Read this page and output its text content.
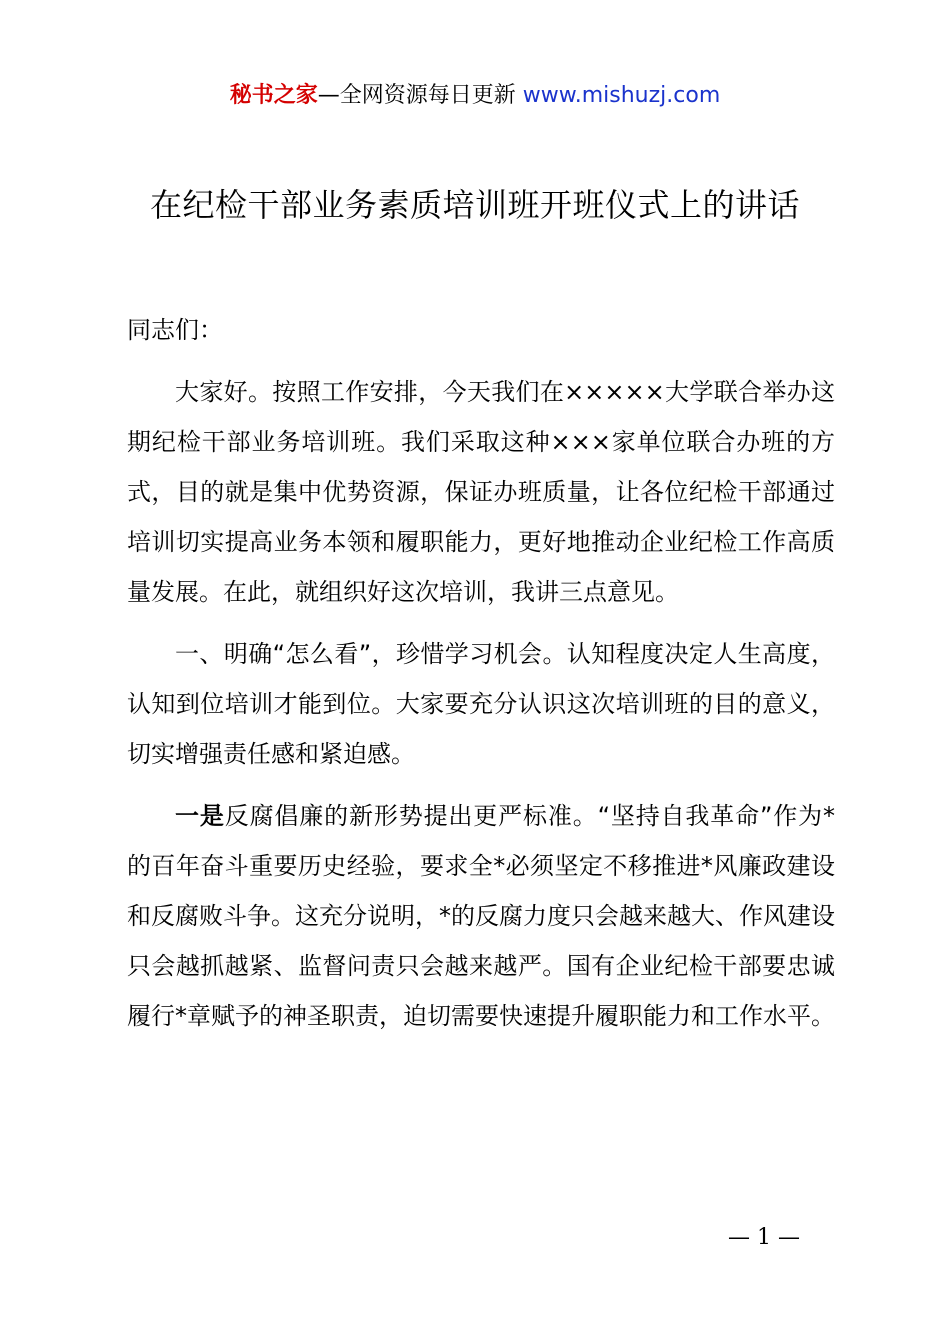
秘书之家—全网资源每日更新 www.mishuzj.com
在纪检干部业务素质培训班开班仪式上的讲话

同志们：

大家好。按照工作安排，今天我们在×××××大学联合举办这期纪检干部业务培训班。我们采取这种×××家单位联合办班的方式，目的就是集中优势资源，保证办班质量，让各位纪检干部通过培训切实提高业务本领和履职能力，更好地推动企业纪检工作高质量发展。在此，就组织好这次培训，我讲三点意见。

一、明确“怎么看”，珍惜学习机会。认知程度决定人生高度，认知到位培训才能到位。大家要充分认识这次培训班的目的意义，切实增强责任感和紧迫感。

一是反腐倡廉的新形势提出更严标准。“坚持自我革命”作为*的百年奋斗重要历史经验，要求全*必须坚定不移推进*风廉政建设和反腐败斗争。这充分说明，*的反腐力度只会越来越大、作风建设只会越抓越紧、监督问责只会越来越严。国有企业纪检干部要忠诚履行*章赋予的神圣职责，迫切需要快速提升履职能力和工作水平。

— 1 —
